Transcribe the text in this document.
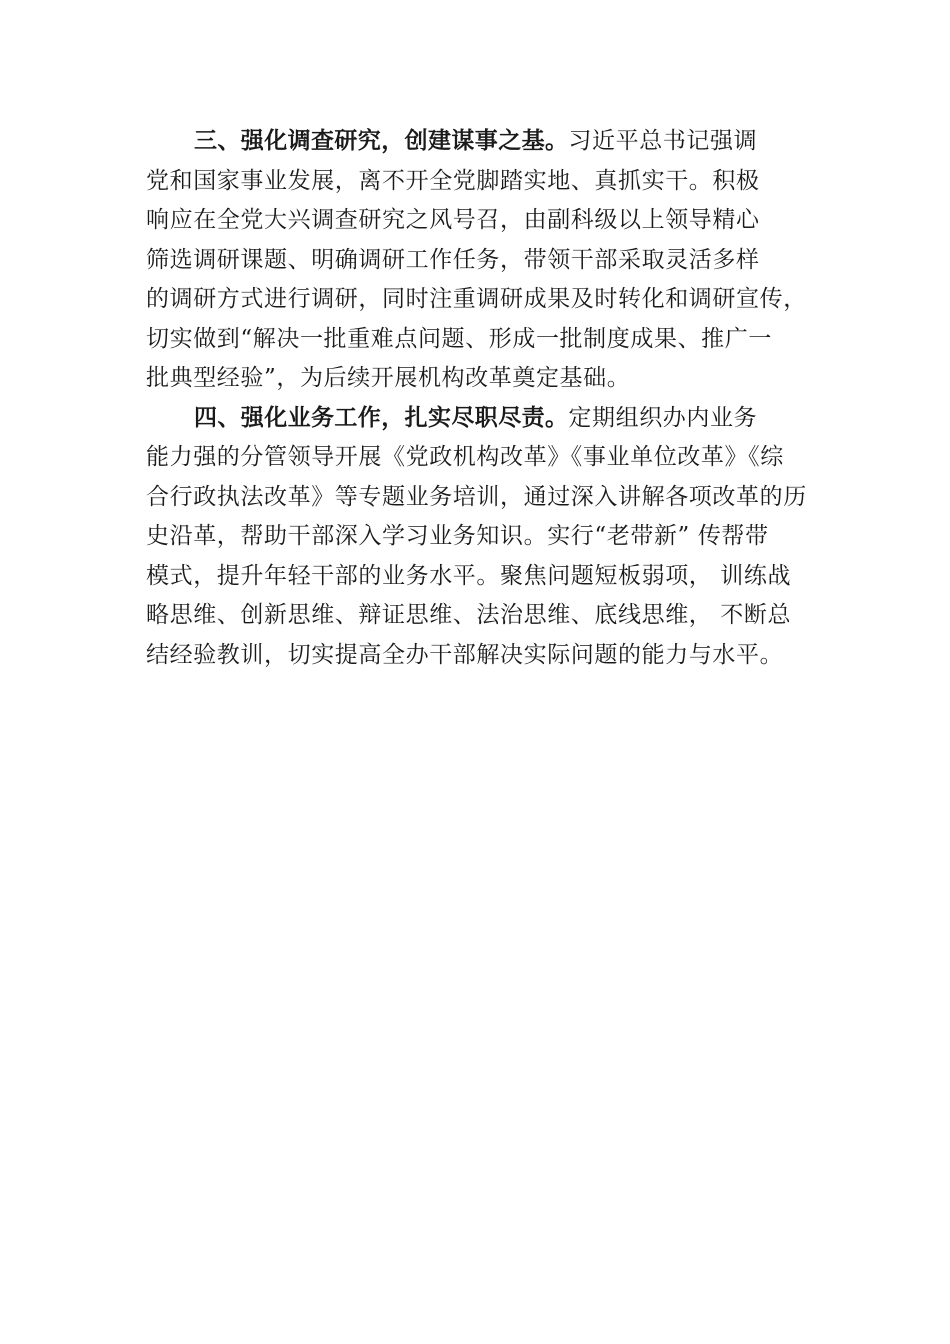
三、强化调查研究，创建谋事之基。习近平总书记强调
党和国家事业发展，离不开全党脚踏实地、真抓实干。积极
响应在全党大兴调查研究之风号召，由副科级以上领导精心
筛选调研课题、明确调研工作任务，带领干部采取灵活多样
的调研方式进行调研，同时注重调研成果及时转化和调研宣传，
切实做到“解决一批重难点问题、形成一批制度成果、推广一
批典型经验”，为后续开展机构改革奠定基础。
四、强化业务工作，扎实尽职尽责。定期组织办内业务
能力强的分管领导开展《党政机构改革》《事业单位改革》《综
合行政执法改革》等专题业务培训，通过深入讲解各项改革的历
史沿革，帮助干部深入学习业务知识。实行“老带新” 传帮带
模式，提升年轻干部的业务水平。聚焦问题短板弱项， 训练战
略思维、创新思维、辩证思维、法治思维、底线思维， 不断总
结经验教训，切实提高全办干部解决实际问题的能力与水平。
